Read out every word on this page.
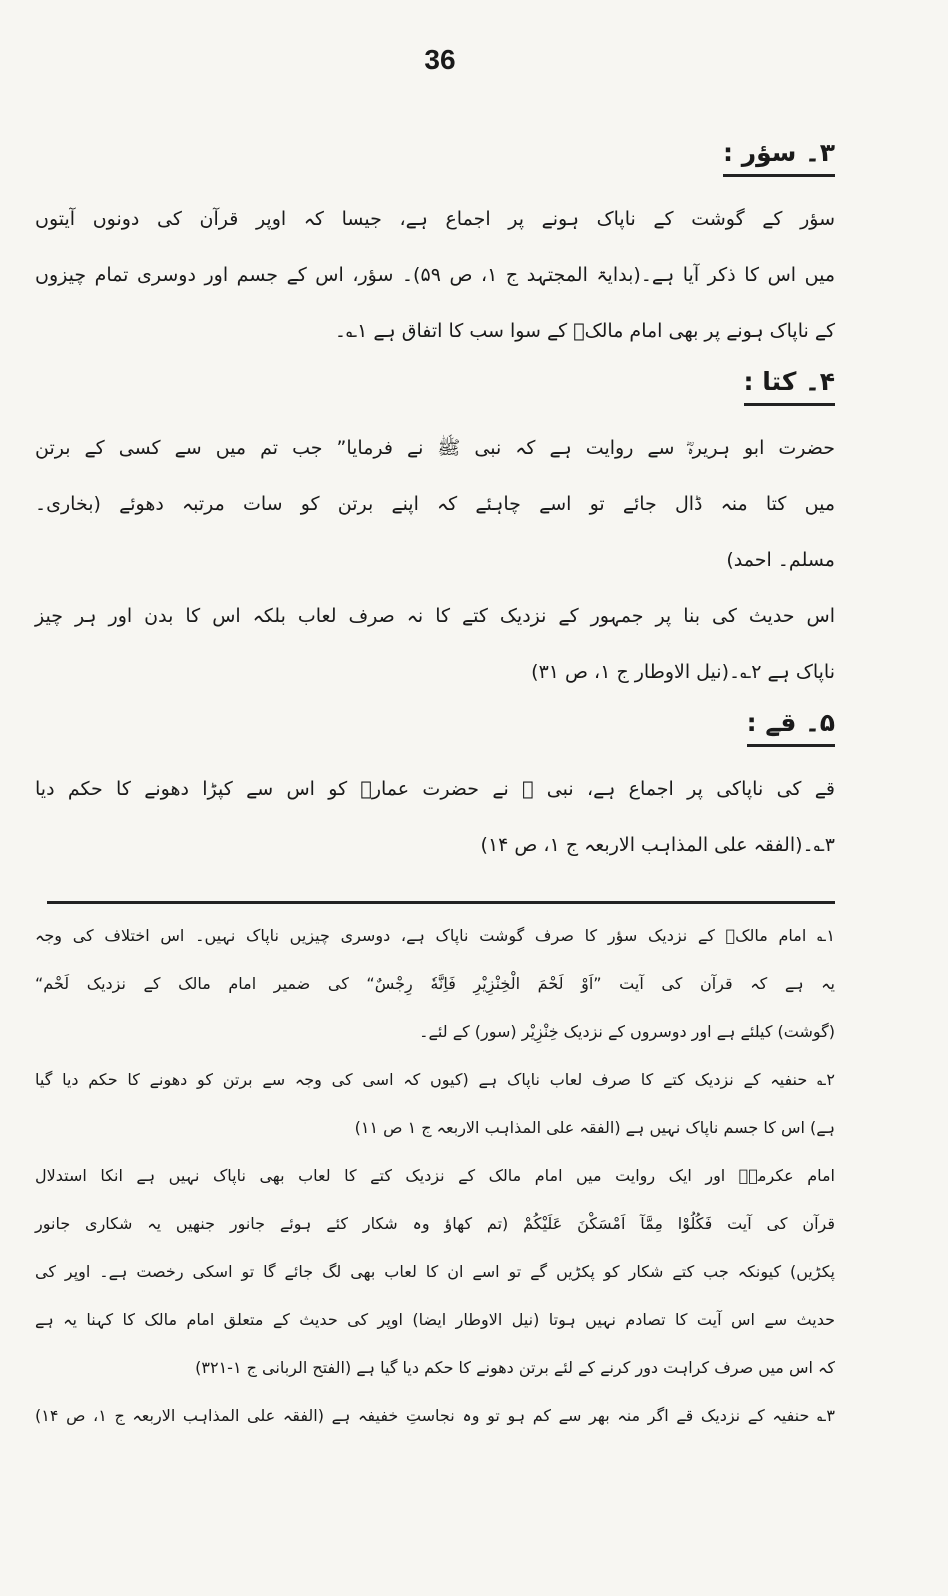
36
۳۔ سؤر :
سؤر کے گوشت کے ناپاک ہونے پر اجماع ہے، جیسا کہ اوپر قرآن کی دونوں آیتوں
میں اس کا ذکر آیا ہے۔(بدایۃ المجتہد ج ۱، ص ۵۹)۔ سؤر، اس کے جسم اور دوسری تمام چیزوں
کے ناپاک ہونے پر بھی امام مالکؒ کے سوا سب کا اتفاق ہے ۱؎۔
۴۔ کتا :
حضرت ابو ہریرہؓ سے روایت ہے کہ نبی ﷺ نے فرمایا” جب تم میں سے کسی کے برتن
میں کتا منہ ڈال جائے تو اسے چاہئے کہ اپنے برتن کو سات مرتبہ دھوئے (بخاری۔
مسلم۔ احمد)
اس حدیث کی بنا پر جمہور کے نزدیک کتے کا نہ صرف لعاب بلکہ اس کا بدن اور ہر چیز
ناپاک ہے ۲؎۔(نیل الاوطار ج ۱، ص ۳۱)
۵۔ قے :
قے کی ناپاکی پر اجماع ہے، نبی ﷺ نے حضرت عمارؓ کو اس سے کپڑا دھونے کا حکم دیا
۳؎۔(الفقہ علی المذاہب الاربعہ ج ۱، ص ۱۴)
۱؎ امام مالکؒ کے نزدیک سؤر کا صرف گوشت ناپاک ہے، دوسری چیزیں ناپاک نہیں۔ اس اختلاف کی وجہ
یہ ہے کہ قرآن کی آیت ”اَوْ لَحْمَ الْخِنْزِيْرِ فَاِنَّهٗ رِجْسٌ“ کی ضمیر امام مالک کے نزدیک لَحْم“
(گوشت) کیلئے ہے اور دوسروں کے نزدیک خِنْزِیْر (سور) کے لئے۔
۲؎ حنفیہ کے نزدیک کتے کا صرف لعاب ناپاک ہے (کیوں کہ اسی کی وجہ سے برتن کو دھونے کا حکم دیا گیا
ہے) اس کا جسم ناپاک نہیں ہے (الفقہ علی المذاہب الاربعہ ج ۱ ص ۱۱)
امام عکرمہؒ اور ایک روایت میں امام مالک کے نزدیک کتے کا لعاب بھی ناپاک نہیں ہے انکا استدلال
قرآن کی آیت فَكُلُوْا مِمَّآ اَمْسَكْنَ عَلَيْكُمْ (تم کھاؤ وہ شکار کئے ہوئے جانور جنھیں یہ شکاری جانور
پکڑیں) کیونکہ جب کتے شکار کو پکڑیں گے تو اسے ان کا لعاب بھی لگ جائے گا تو اسکی رخصت ہے۔ اوپر کی
حدیث سے اس آیت کا تصادم نہیں ہوتا (نیل الاوطار ایضا) اوپر کی حدیث کے متعلق امام مالک کا کہنا یہ ہے
کہ اس میں صرف کراہت دور کرنے کے لئے برتن دھونے کا حکم دیا گیا ہے (الفتح الربانی ج ۱-۳۲۱)
۳؎ حنفیہ کے نزدیک قے اگر منہ بھر سے کم ہو تو وہ نجاستِ خفیفہ ہے (الفقہ علی المذاہب الاربعہ ج ۱، ص ۱۴)
